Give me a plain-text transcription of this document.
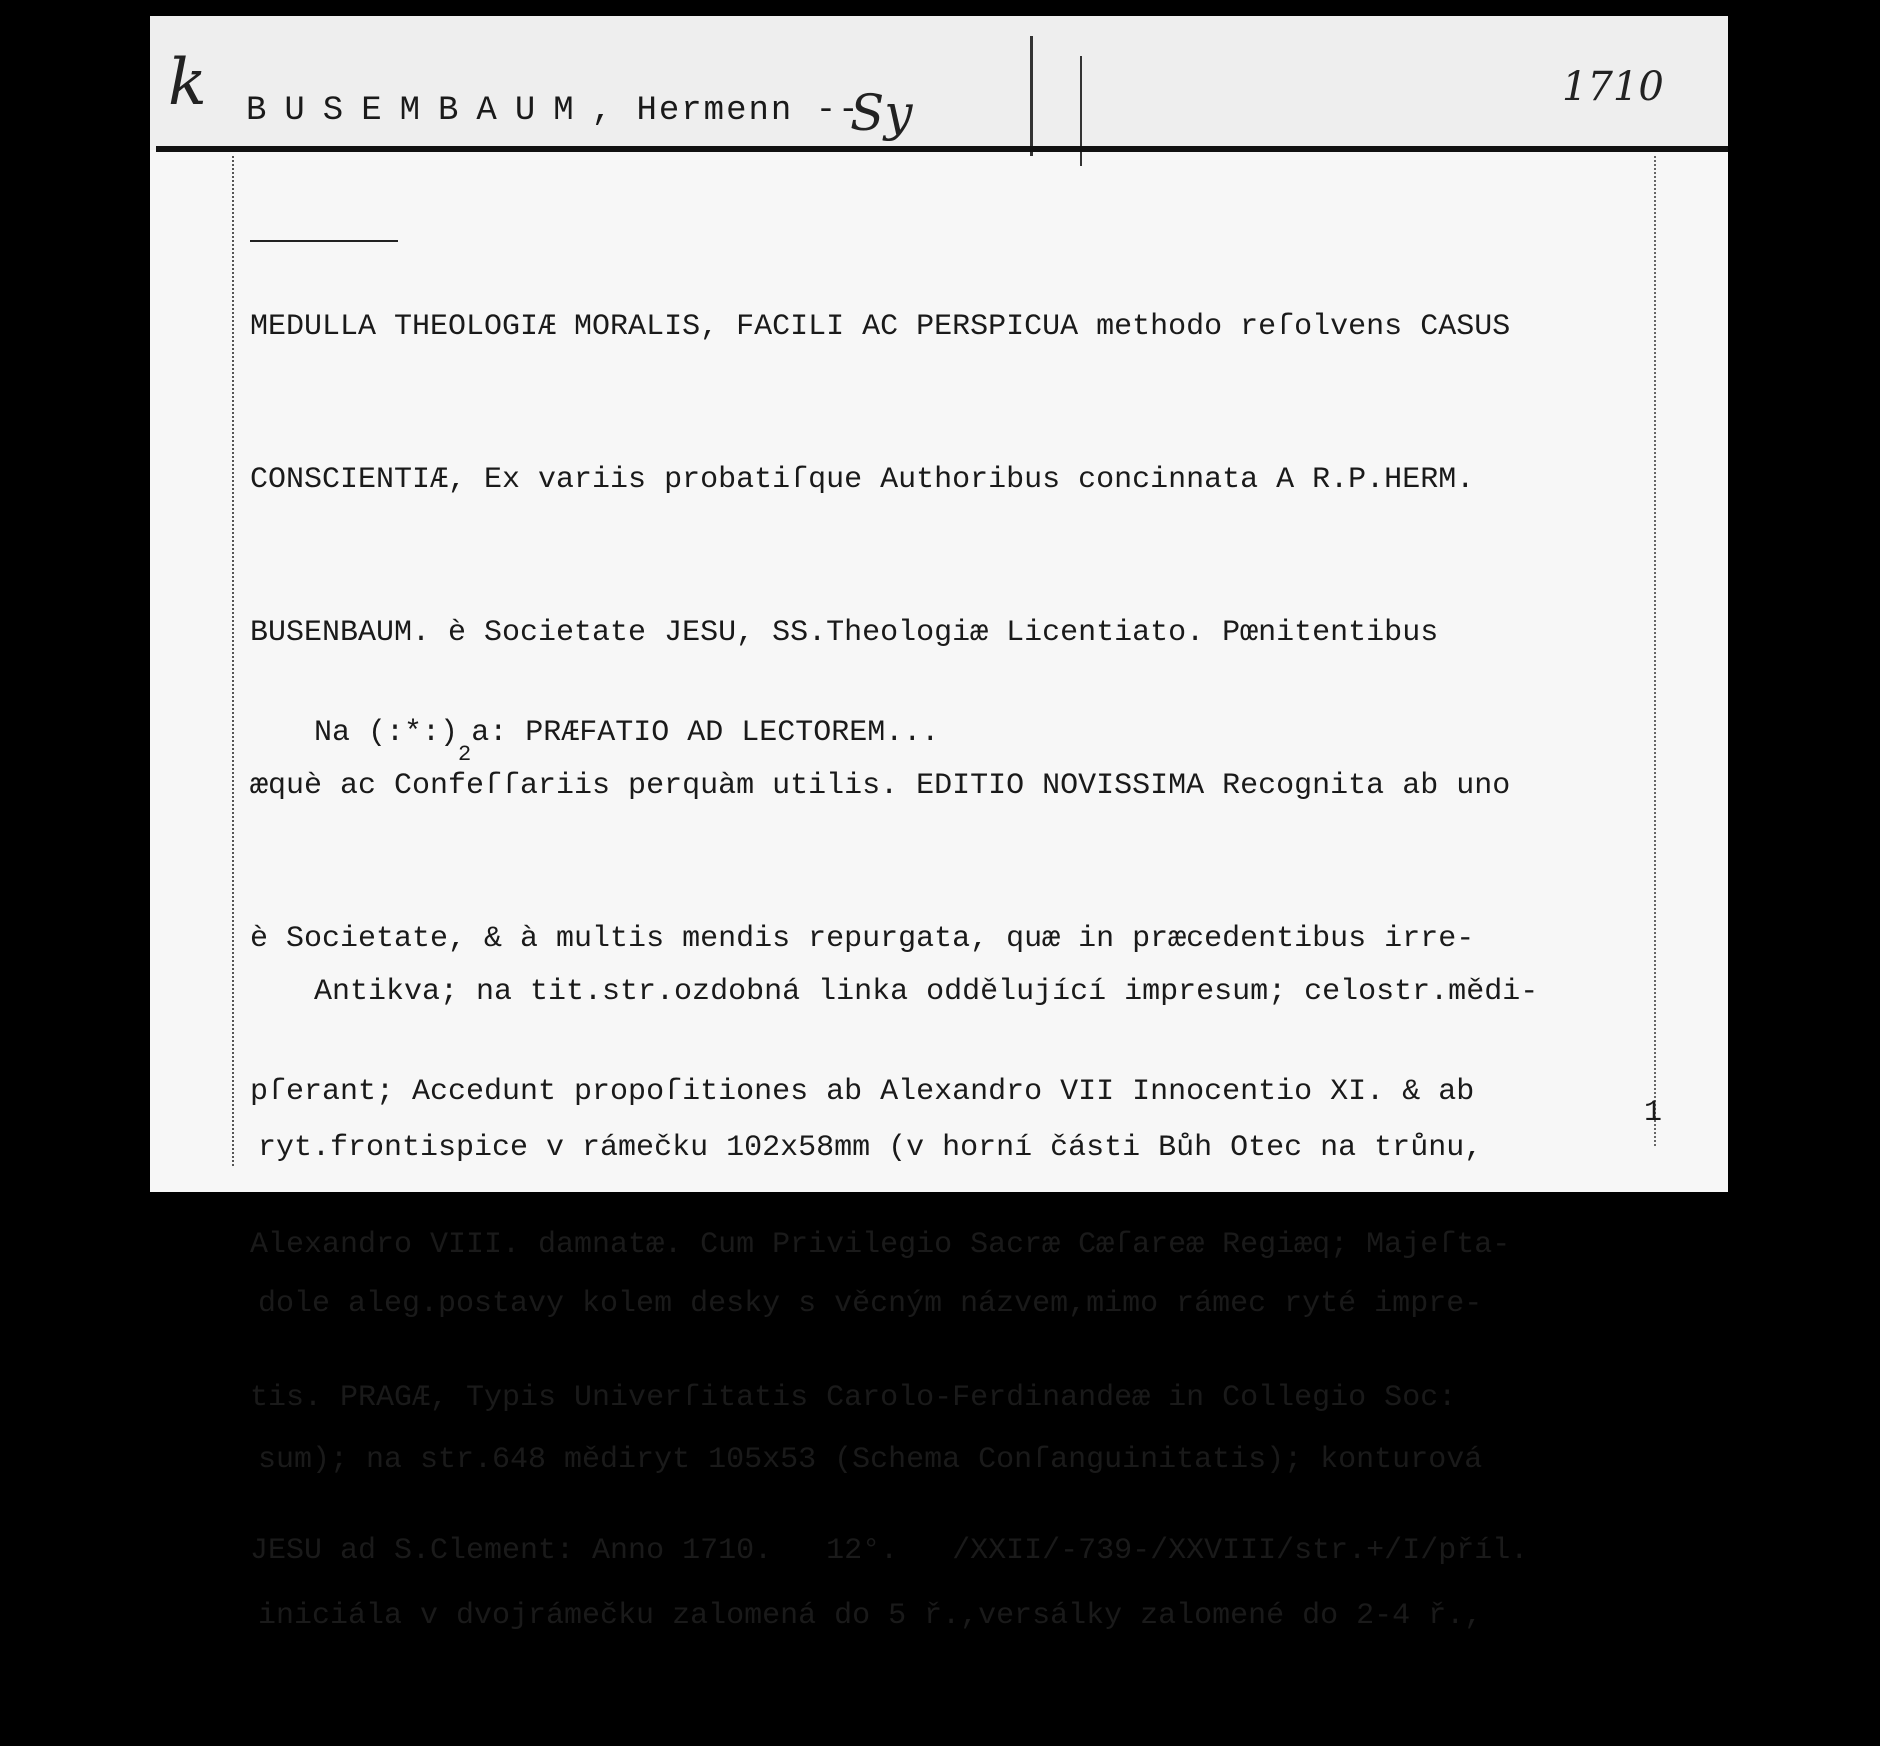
k BUSEMBAUM, Hermenn --
Sy	1710

MEDULLA THEOLOGIÆ MORALIS, FACILI AC PERSPICUA methodo reſolvens CASUS

CONSCIENTIÆ, Ex variis probatiſque Authoribus concinnata A R.P.HERM.

BUSENBAUM. è Societate JESU, SS.Theologiæ Licentiato. Pœnitentibus

æquè ac Confeſſariis perquàm utilis. EDITIO NOVISSIMA Recognita ab uno

è Societate, & à multis mendis repurgata, quæ in præcedentibus irre-

pſerant; Accedunt propoſitiones ab Alexandro VII Innocentio XI. & ab

Alexandro VIII. damnatæ. Cum Privilegio Sacræ Cæſareæ Regiæq; Majeſta-

tis. PRAGÆ, Typis Univerſitatis Carolo-Ferdinandeæ in Collegio Soc:

JESU ad S.Clement: Anno 1710.   12°.   /XXII/-739-/XXVIII/str.+/I/příl.

Na $(:*:)_2a$: PRÆFATIO AD LECTOREM...

Antikva; na tit.str.ozdobná linka oddělující impresum; celostr.mědi-

ryt.frontispice v rámečku 102x58mm (v horní části Bůh Otec na trůnu,

dole aleg.postavy kolem desky s věcným názvem,mimo rámec ryté impre-

sum); na str.648 mědiryt 105x53 (Schema Conſanguinitatis); konturová

iniciála v dvojrámečku zalomená do 5 ř.,versálky zalomené do 2-4 ř.,

1
